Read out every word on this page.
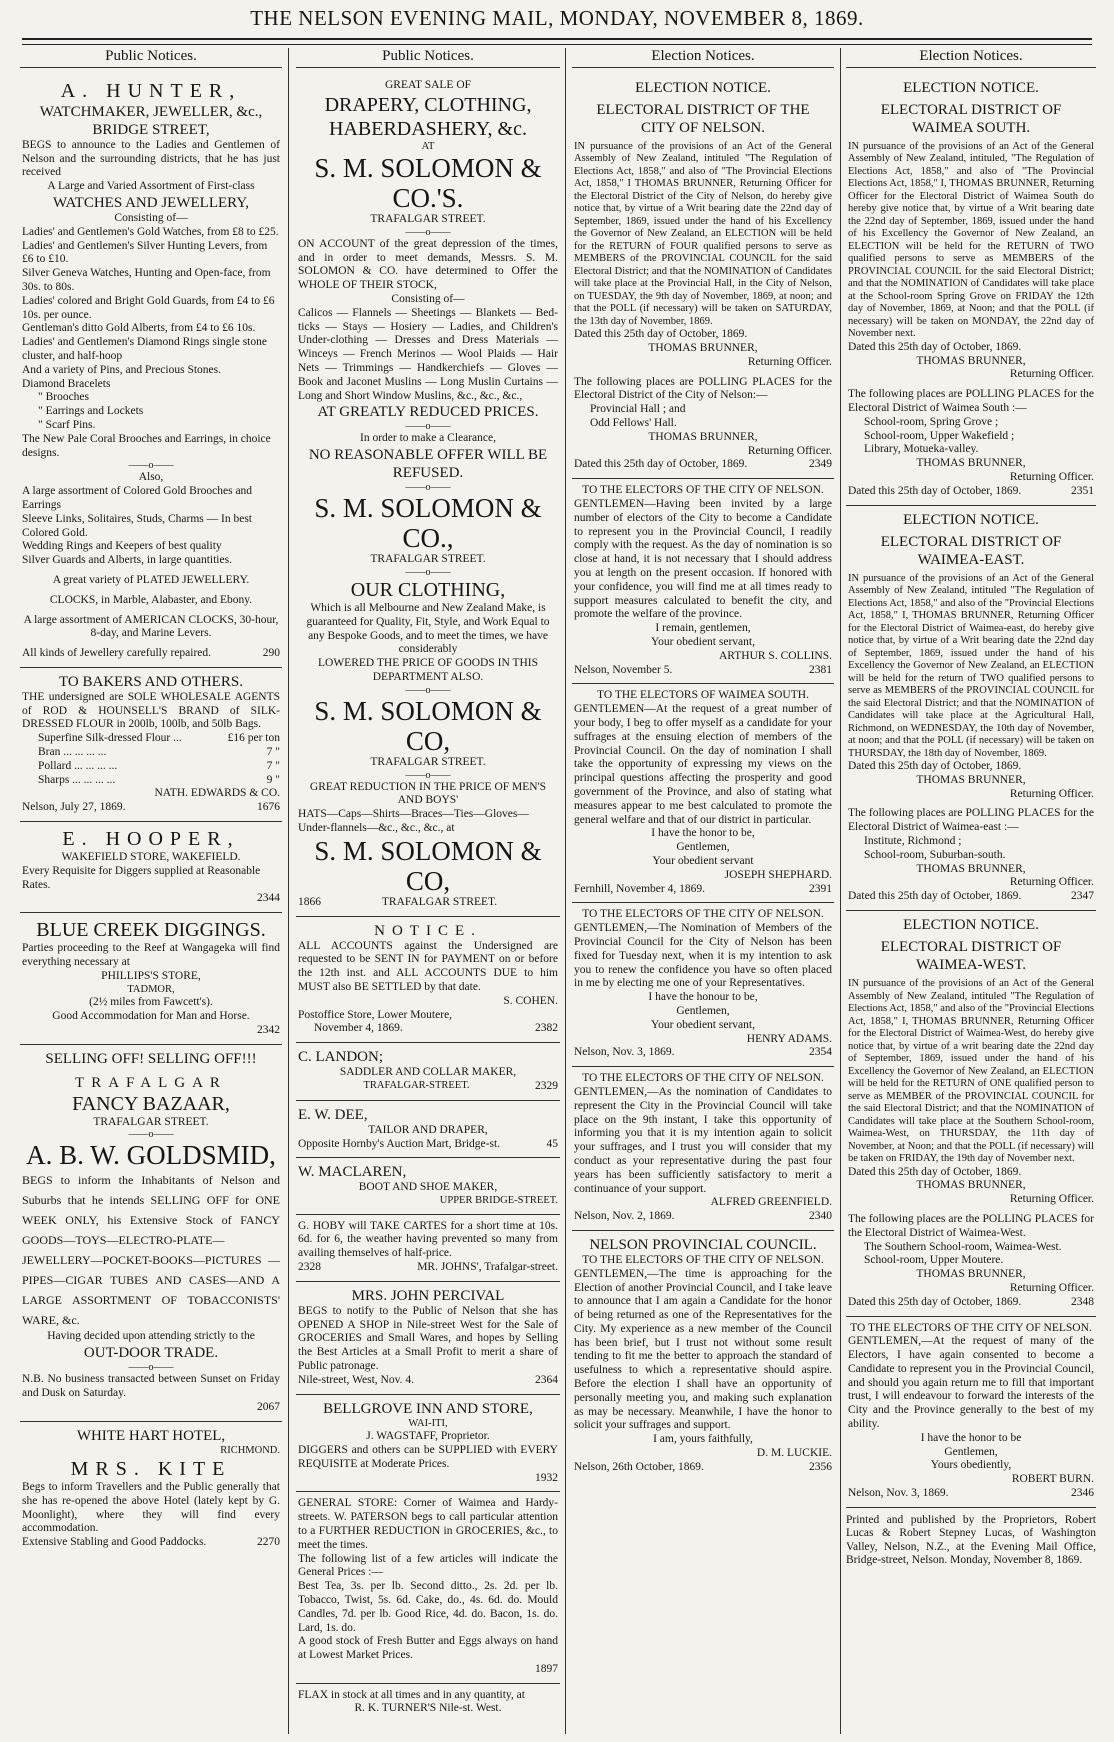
THE NELSON EVENING MAIL, MONDAY, NOVEMBER 8, 1869.
Public Notices.
A. HUNTER,
WATCHMAKER, JEWELLER, &c.,
BRIDGE STREET,
BEGS to announce to the Ladies and Gentlemen of Nelson and the surrounding districts, that he has just received
A Large and Varied Assortment of First-class
WATCHES AND JEWELLERY,
Consisting of—
Ladies' and Gentlemen's Gold Watches, from £8 to £25.
Ladies' and Gentlemen's Silver Hunting Levers, from £6 to £10.
Silver Geneva Watches, Hunting and Open-face, from 30s. to 80s.
Ladies' colored and Bright Gold Guards, from £4 to £6 10s. per ounce.
Gentleman's ditto Gold Alberts, from £4 to £6 10s.
Ladies' and Gentlemen's Diamond Rings single stone cluster, and half-hoop
And a variety of Pins, and Precious Stones.
Diamond Bracelets
" Brooches
" Earrings and Lockets
" Scarf Pins.
The New Pale Coral Brooches and Earrings, in choice designs.
——o——
Also,
A large assortment of Colored Gold Brooches and Earrings
Sleeve Links, Solitaires, Studs, Charms — In best Colored Gold.
Wedding Rings and Keepers of best quality
Silver Guards and Alberts, in large quantities.
A great variety of PLATED JEWELLERY.
CLOCKS, in Marble, Alabaster, and Ebony.
A large assortment of AMERICAN CLOCKS, 30-hour, 8-day, and Marine Levers.
All kinds of Jewellery carefully repaired.	290
TO BAKERS AND OTHERS.
THE undersigned are SOLE WHOLESALE AGENTS of ROD & HOUNSELL'S BRAND of SILK-DRESSED FLOUR in 200lb, 100lb, and 50lb Bags.
Superfine Silk-dressed Flour ...	£16 per ton
Bran ... ... ... ...	7 "
Pollard ... ... ... ...	7 "
Sharps ... ... ... ...	9 "
NATH. EDWARDS & CO.
Nelson, July 27, 1869.	1676
E. HOOPER,
WAKEFIELD STORE, WAKEFIELD.
Every Requisite for Diggers supplied at Reasonable Rates.
2344
BLUE CREEK DIGGINGS.
Parties proceeding to the Reef at Wangageka will find everything necessary at
PHILLIPS'S STORE,
TADMOR,
(2½ miles from Fawcett's).
Good Accommodation for Man and Horse.
2342
SELLING OFF! SELLING OFF!!!
TRAFALGAR
FANCY BAZAAR,
TRAFALGAR STREET.
——o——
A. B. W. GOLDSMID,
BEGS to inform the Inhabitants of Nelson and Suburbs that he intends SELLING OFF for ONE WEEK ONLY, his Extensive Stock of FANCY GOODS—TOYS—ELECTRO-PLATE—JEWELLERY—POCKET-BOOKS—PICTURES — PIPES—CIGAR TUBES AND CASES—AND A LARGE ASSORTMENT OF TOBACCONISTS' WARE, &c.
Having decided upon attending strictly to the
OUT-DOOR TRADE.
——o——
N.B. No business transacted between Sunset on Friday and Dusk on Saturday.
2067
WHITE HART HOTEL,
RICHMOND.
MRS. KITE
Begs to inform Travellers and the Public generally that she has re-opened the above Hotel (lately kept by G. Moonlight), where they will find every accommodation.
Extensive Stabling and Good Paddocks.	2270
Public Notices.
GREAT SALE OF
DRAPERY, CLOTHING,
HABERDASHERY, &c.
AT
S. M. SOLOMON & CO.'S.
TRAFALGAR STREET.
——o——
ON ACCOUNT of the great depression of the times, and in order to meet demands, Messrs. S. M. SOLOMON & CO. have determined to Offer the WHOLE OF THEIR STOCK,
Consisting of—
Calicos — Flannels — Sheetings — Blankets — Bed-ticks — Stays — Hosiery — Ladies, and Children's Under-clothing — Dresses and Dress Materials — Winceys — French Merinos — Wool Plaids — Hair Nets — Trimmings — Handkerchiefs — Gloves — Book and Jaconet Muslins — Long Muslin Curtains — Long and Short Window Muslins, &c., &c., &c.,
AT GREATLY REDUCED PRICES.
——o——
In order to make a Clearance,
NO REASONABLE OFFER WILL BE REFUSED.
——o——
S. M. SOLOMON & CO.,
TRAFALGAR STREET.
——o——
OUR CLOTHING,
Which is all Melbourne and New Zealand Make, is guaranteed for Quality, Fit, Style, and Work Equal to any Bespoke Goods, and to meet the times, we have considerably
LOWERED THE PRICE OF GOODS IN THIS DEPARTMENT ALSO.
——o——
S. M. SOLOMON & CO,
TRAFALGAR STREET.
——o——
GREAT REDUCTION IN THE PRICE OF MEN'S AND BOYS'
HATS—Caps—Shirts—Braces—Ties—Gloves—Under-flannels—&c., &c., &c., at
S. M. SOLOMON & CO,
1866	TRAFALGAR STREET.
NOTICE.
ALL ACCOUNTS against the Undersigned are requested to be SENT IN for PAYMENT on or before the 12th inst. and ALL ACCOUNTS DUE to him MUST also BE SETTLED by that date.
S. COHEN.
Postoffice Store, Lower Moutere,
November 4, 1869.	2382
C. LANDON;
SADDLER AND COLLAR MAKER,
TRAFALGAR-STREET.	2329
E. W. DEE,
TAILOR AND DRAPER,
Opposite Hornby's Auction Mart, Bridge-st.	45
W. MACLAREN,
BOOT AND SHOE MAKER,
UPPER BRIDGE-STREET.
G. HOBY will TAKE CARTES for a short time at 10s. 6d. for 6, the weather having prevented so many from availing themselves of half-price.
2328	MR. JOHNS', Trafalgar-street.
MRS. JOHN PERCIVAL
BEGS to notify to the Public of Nelson that she has OPENED A SHOP in Nile-street West for the Sale of GROCERIES and Small Wares, and hopes by Selling the Best Articles at a Small Profit to merit a share of Public patronage.
Nile-street, West, Nov. 4.	2364
BELLGROVE INN AND STORE,
WAI-ITI,
J. WAGSTAFF, Proprietor.
DIGGERS and others can be SUPPLIED with EVERY REQUISITE at Moderate Prices.
1932
GENERAL STORE: Corner of Waimea and Hardy-streets. W. PATERSON begs to call particular attention to a FURTHER REDUCTION in GROCERIES, &c., to meet the times.
The following list of a few articles will indicate the General Prices :—
Best Tea, 3s. per lb. Second ditto., 2s. 2d. per lb. Tobacco, Twist, 5s. 6d. Cake, do., 4s. 6d. do. Mould Candles, 7d. per lb. Good Rice, 4d. do. Bacon, 1s. do. Lard, 1s. do.
A good stock of Fresh Butter and Eggs always on hand at Lowest Market Prices.
1897
FLAX in stock at all times and in any quantity, at
R. K. TURNER'S Nile-st. West.
Election Notices.
ELECTION NOTICE.
ELECTORAL DISTRICT OF THE CITY OF NELSON.
IN pursuance of the provisions of an Act of the General Assembly of New Zealand, intituled "The Regulation of Elections Act, 1858," and also of "The Provincial Elections Act, 1858," I THOMAS BRUNNER, Returning Officer for the Electoral District of the City of Nelson, do hereby give notice that, by virtue of a Writ bearing date the 22nd day of September, 1869, issued under the hand of his Excellency the Governor of New Zealand, an ELECTION will be held for the RETURN of FOUR qualified persons to serve as MEMBERS of the PROVINCIAL COUNCIL for the said Electoral District; and that the NOMINATION of Candidates will take place at the Provincial Hall, in the City of Nelson, on TUESDAY, the 9th day of November, 1869, at noon; and that the POLL (if necessary) will be taken on SATURDAY, the 13th day of November, 1869.
Dated this 25th day of October, 1869.
THOMAS BRUNNER,
Returning Officer.
The following places are POLLING PLACES for the Electoral District of the City of Nelson:—
Provincial Hall ; and
Odd Fellows' Hall.
THOMAS BRUNNER,
Returning Officer.
Dated this 25th day of October, 1869.	2349
TO THE ELECTORS OF THE CITY OF NELSON.
GENTLEMEN—Having been invited by a large number of electors of the City to become a Candidate to represent you in the Provincial Council, I readily comply with the request. As the day of nomination is so close at hand, it is not necessary that I should address you at length on the present occasion. If honored with your confidence, you will find me at all times ready to support measures calculated to benefit the city, and promote the welfare of the province.
I remain, gentlemen,
Your obedient servant,
ARTHUR S. COLLINS.
Nelson, November 5.	2381
TO THE ELECTORS OF WAIMEA SOUTH.
GENTLEMEN—At the request of a great number of your body, I beg to offer myself as a candidate for your suffrages at the ensuing election of members of the Provincial Council. On the day of nomination I shall take the opportunity of expressing my views on the principal questions affecting the prosperity and good government of the Province, and also of stating what measures appear to me best calculated to promote the general welfare and that of our district in particular.
I have the honor to be,
Gentlemen,
Your obedient servant
JOSEPH SHEPHARD.
Fernhill, November 4, 1869.	2391
TO THE ELECTORS OF THE CITY OF NELSON.
GENTLEMEN,—The Nomination of Members of the Provincial Council for the City of Nelson has been fixed for Tuesday next, when it is my intention to ask you to renew the confidence you have so often placed in me by electing me one of your Representatives.
I have the honour to be,
Gentlemen,
Your obedient servant,
HENRY ADAMS.
Nelson, Nov. 3, 1869.	2354
TO THE ELECTORS OF THE CITY OF NELSON.
GENTLEMEN,—As the nomination of Candidates to represent the City in the Provincial Council will take place on the 9th instant, I take this opportunity of informing you that it is my intention again to solicit your suffrages, and I trust you will consider that my conduct as your representative during the past four years has been sufficiently satisfactory to merit a continuance of your support.
ALFRED GREENFIELD.
Nelson, Nov. 2, 1869.	2340
NELSON PROVINCIAL COUNCIL.
TO THE ELECTORS OF THE CITY OF NELSON.
GENTLEMEN,—The time is approaching for the Election of another Provincial Council, and I take leave to announce that I am again a Candidate for the honor of being returned as one of the Representatives for the City. My experience as a new member of the Council has been brief, but I trust not without some result tending to fit me the better to approach the standard of usefulness to which a representative should aspire. Before the election I shall have an opportunity of personally meeting you, and making such explanation as may be necessary. Meanwhile, I have the honor to solicit your suffrages and support.
I am, yours faithfully,
D. M. LUCKIE.
Nelson, 26th October, 1869.	2356
Election Notices.
ELECTION NOTICE.
ELECTORAL DISTRICT OF WAIMEA SOUTH.
IN pursuance of the provisions of an Act of the General Assembly of New Zealand, intituled, "The Regulation of Elections Act, 1858," and also of "The Provincial Elections Act, 1858," I, THOMAS BRUNNER, Returning Officer for the Electoral District of Waimea South do hereby give notice that, by virtue of a Writ bearing date the 22nd day of September, 1869, issued under the hand of his Excellency the Governor of New Zealand, an ELECTION will be held for the RETURN of TWO qualified persons to serve as MEMBERS of the PROVINCIAL COUNCIL for the said Electoral District; and that the NOMINATION of Candidates will take place at the School-room Spring Grove on FRIDAY the 12th day of November, 1869, at Noon; and that the POLL (if necessary) will be taken on MONDAY, the 22nd day of November next.
Dated this 25th day of October, 1869.
THOMAS BRUNNER,
Returning Officer.
The following places are POLLING PLACES for the Electoral District of Waimea South :—
School-room, Spring Grove ;
School-room, Upper Wakefield ;
Library, Motueka-valley.
THOMAS BRUNNER,
Returning Officer.
Dated this 25th day of October, 1869.	2351
ELECTION NOTICE.
ELECTORAL DISTRICT OF WAIMEA-EAST.
IN pursuance of the provisions of an Act of the General Assembly of New Zealand, intituled "The Regulation of Elections Act, 1858," and also of the "Provincial Elections Act, 1858," I, THOMAS BRUNNER, Returning Officer for the Electoral District of Waimea-east, do hereby give notice that, by virtue of a Writ bearing date the 22nd day of September, 1869, issued under the hand of his Excellency the Governor of New Zealand, an ELECTION will be held for the return of TWO qualified persons to serve as MEMBERS of the PROVINCIAL COUNCIL for the said Electoral District; and that the NOMINATION of Candidates will take place at the Agricultural Hall, Richmond, on WEDNESDAY, the 10th day of November, at noon; and that the POLL (if necessary) will be taken on THURSDAY, the 18th day of November, 1869.
Dated this 25th day of October, 1869.
THOMAS BRUNNER,
Returning Officer.
The following places are POLLING PLACES for the Electoral District of Waimea-east :—
Institute, Richmond ;
School-room, Suburban-south.
THOMAS BRUNNER,
Returning Officer.
Dated this 25th day of October, 1869.	2347
ELECTION NOTICE.
ELECTORAL DISTRICT OF WAIMEA-WEST.
IN pursuance of the provisions of an Act of the General Assembly of New Zealand, intituled "The Regulation of Elections Act, 1858," and also of the "Provincial Elections Act, 1858," I, THOMAS BRUNNER, Returning Officer for the Electoral District of Waimea-West, do hereby give notice that, by virtue of a writ bearing date the 22nd day of September, 1869, issued under the hand of his Excellency the Governor of New Zealand, an ELECTION will be held for the RETURN of ONE qualified person to serve as MEMBER of the PROVINCIAL COUNCIL for the said Electoral District; and that the NOMINATION of Candidates will take place at the Southern School-room, Waimea-West, on THURSDAY, the 11th day of November, at Noon; and that the POLL (if necessary) will be taken on FRIDAY, the 19th day of November next.
Dated this 25th day of October, 1869.
THOMAS BRUNNER,
Returning Officer.
The following places are the POLLING PLACES for the Electoral District of Waimea-West.
The Southern School-room, Waimea-West.
School-room, Upper Moutere.
THOMAS BRUNNER,
Returning Officer.
Dated this 25th day of October, 1869.	2348
TO THE ELECTORS OF THE CITY OF NELSON.
GENTLEMEN,—At the request of many of the Electors, I have again consented to become a Candidate to represent you in the Provincial Council, and should you again return me to fill that important trust, I will endeavour to forward the interests of the City and the Province generally to the best of my ability.
I have the honor to be
Gentlemen,
Yours obediently,
ROBERT BURN.
Nelson, Nov. 3, 1869.	2346
Printed and published by the Proprietors, Robert Lucas & Robert Stepney Lucas, of Washington Valley, Nelson, N.Z., at the Evening Mail Office, Bridge-street, Nelson. Monday, November 8, 1869.
